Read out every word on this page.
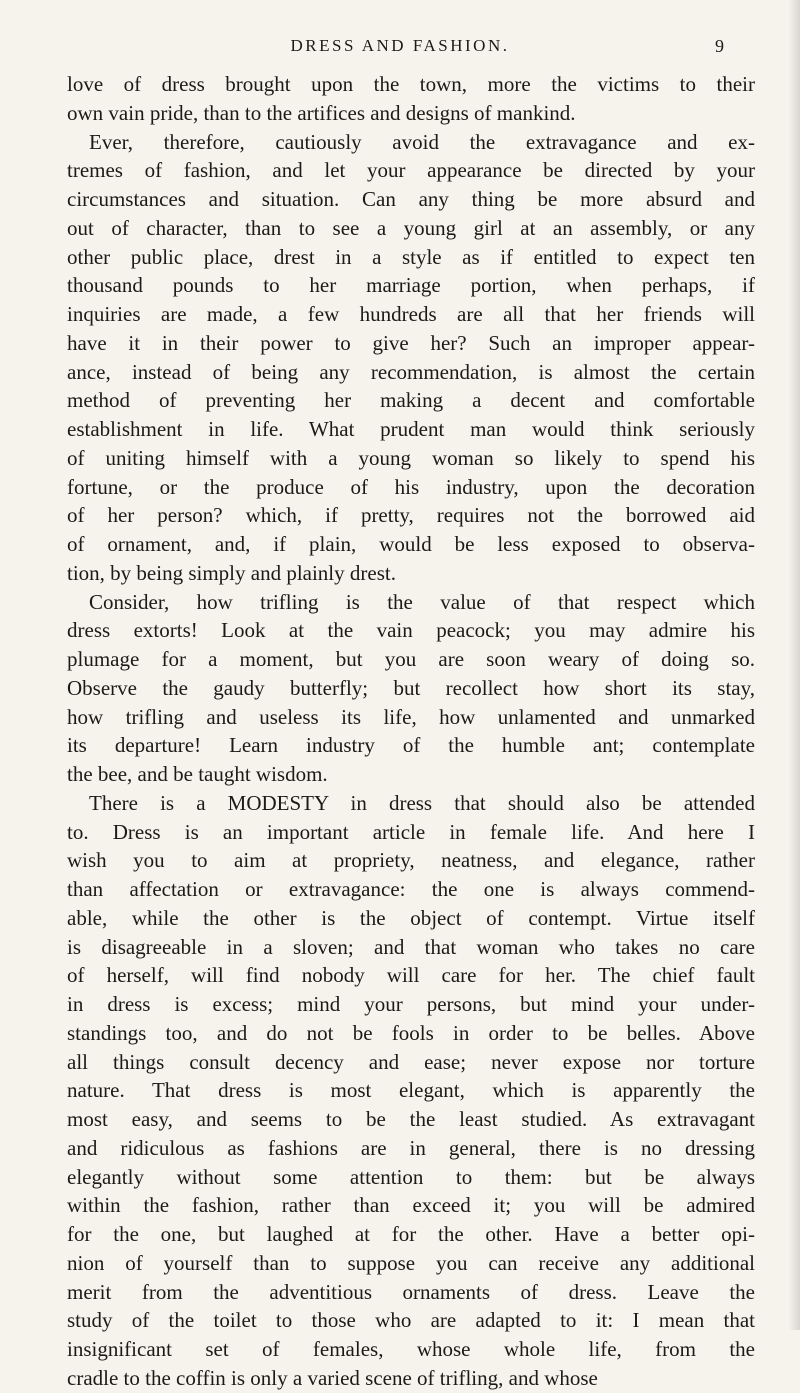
DRESS AND FASHION.	9
love of dress brought upon the town, more the victims to their
own vain pride, than to the artifices and designs of mankind.
Ever, therefore, cautiously avoid the extravagance and ex-
tremes of fashion, and let your appearance be directed by your
circumstances and situation. Can any thing be more absurd and
out of character, than to see a young girl at an assembly, or any
other public place, drest in a style as if entitled to expect ten
thousand pounds to her marriage portion, when perhaps, if
inquiries are made, a few hundreds are all that her friends will
have it in their power to give her? Such an improper appear-
ance, instead of being any recommendation, is almost the certain
method of preventing her making a decent and comfortable
establishment in life. What prudent man would think seriously
of uniting himself with a young woman so likely to spend his
fortune, or the produce of his industry, upon the decoration
of her person? which, if pretty, requires not the borrowed aid
of ornament, and, if plain, would be less exposed to observa-
tion, by being simply and plainly drest.
Consider, how trifling is the value of that respect which
dress extorts! Look at the vain peacock; you may admire his
plumage for a moment, but you are soon weary of doing so.
Observe the gaudy butterfly; but recollect how short its stay,
how trifling and useless its life, how unlamented and unmarked
its departure! Learn industry of the humble ant; contemplate
the bee, and be taught wisdom.
There is a MODESTY in dress that should also be attended
to. Dress is an important article in female life. And here I
wish you to aim at propriety, neatness, and elegance, rather
than affectation or extravagance: the one is always commend-
able, while the other is the object of contempt. Virtue itself
is disagreeable in a sloven; and that woman who takes no care
of herself, will find nobody will care for her. The chief fault
in dress is excess; mind your persons, but mind your under-
standings too, and do not be fools in order to be belles. Above
all things consult decency and ease; never expose nor torture
nature. That dress is most elegant, which is apparently the
most easy, and seems to be the least studied. As extravagant
and ridiculous as fashions are in general, there is no dressing
elegantly without some attention to them: but be always
within the fashion, rather than exceed it; you will be admired
for the one, but laughed at for the other. Have a better opi-
nion of yourself than to suppose you can receive any additional
merit from the adventitious ornaments of dress. Leave the
study of the toilet to those who are adapted to it: I mean that
insignificant set of females, whose whole life, from the
cradle to the coffin is only a varied scene of trifling, and whose
